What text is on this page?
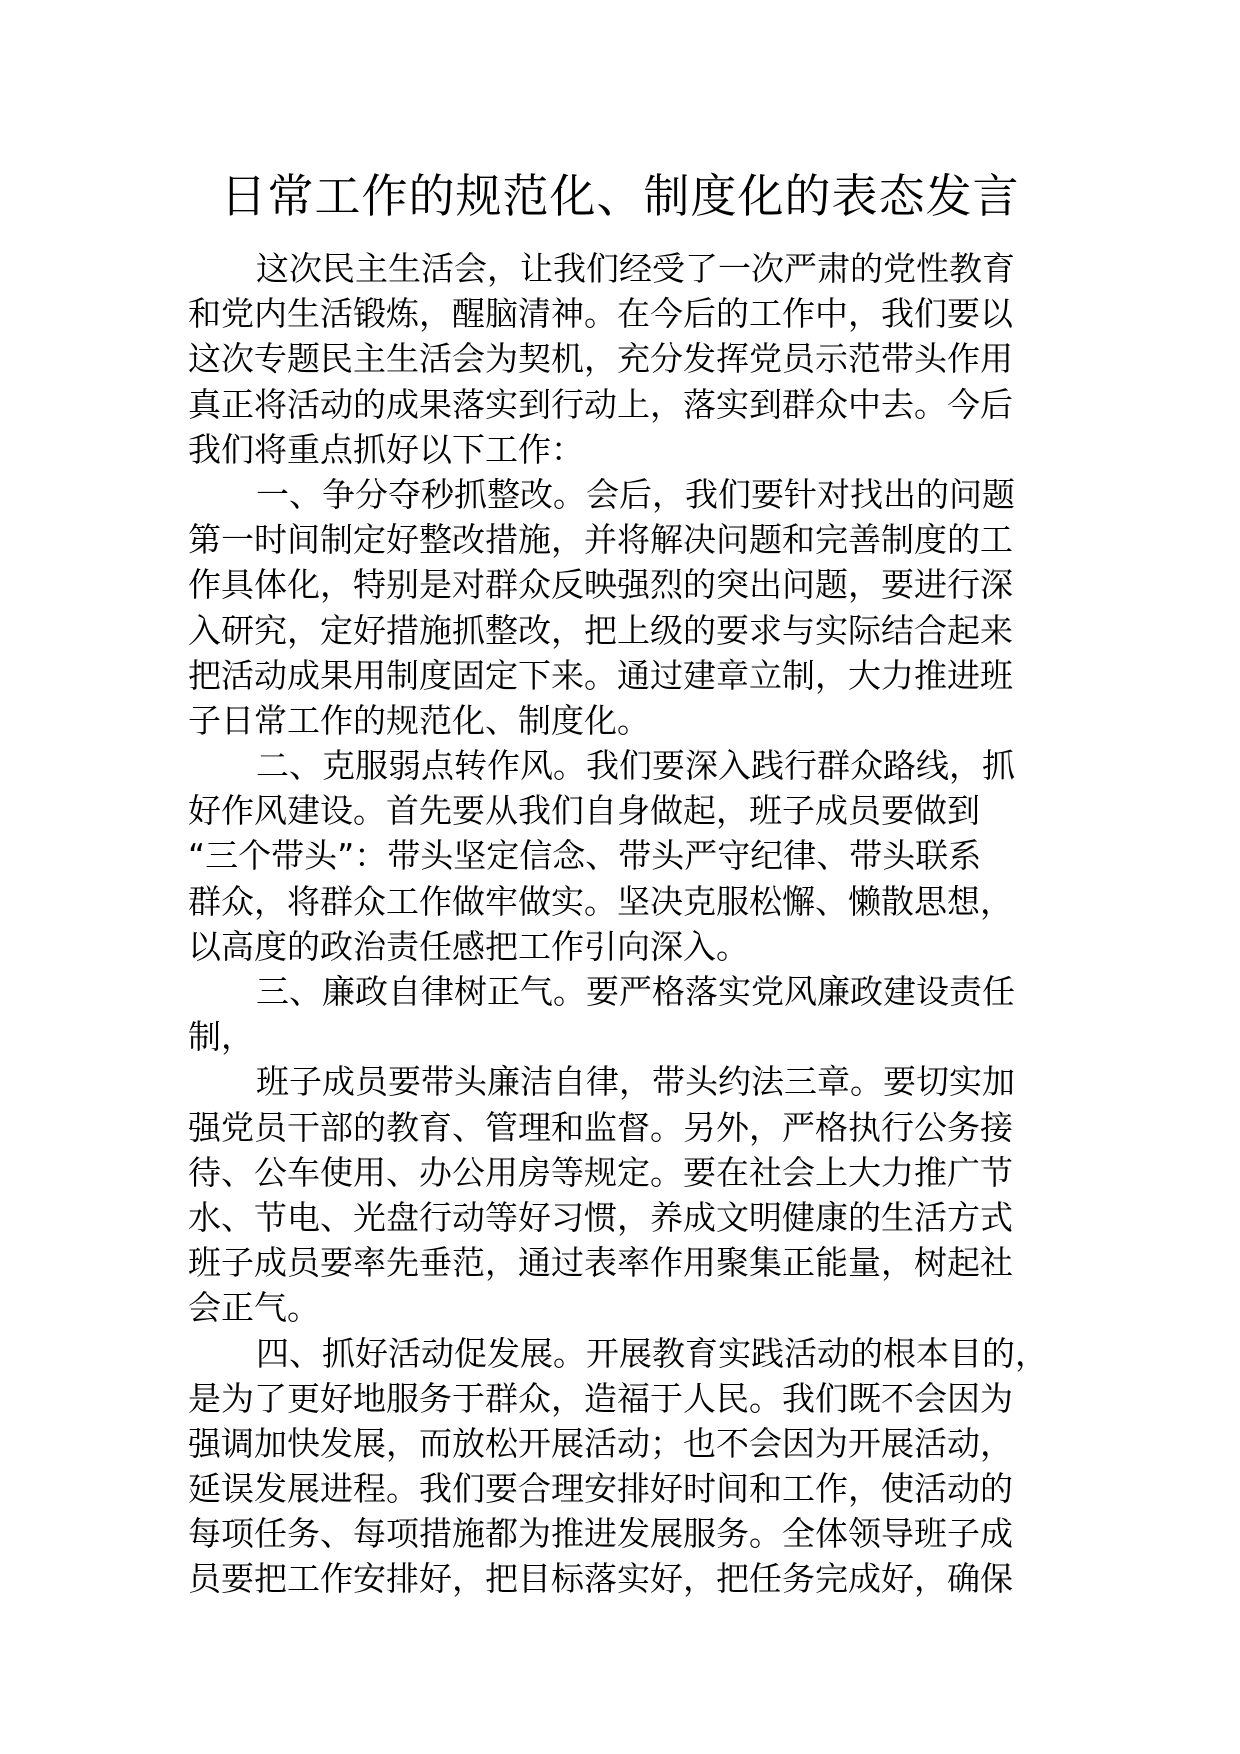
日常工作的规范化、制度化的表态发言

这次民主生活会，让我们经受了一次严肃的党性教育
和党内生活锻炼，醒脑清神。在今后的工作中，我们要以
这次专题民主生活会为契机，充分发挥党员示范带头作用
真正将活动的成果落实到行动上，落实到群众中去。今后
我们将重点抓好以下工作：

一、争分夺秒抓整改。会后，我们要针对找出的问题
第一时间制定好整改措施，并将解决问题和完善制度的工
作具体化，特别是对群众反映强烈的突出问题，要进行深
入研究，定好措施抓整改，把上级的要求与实际结合起来
把活动成果用制度固定下来。通过建章立制，大力推进班
子日常工作的规范化、制度化。

二、克服弱点转作风。我们要深入践行群众路线，抓
好作风建设。首先要从我们自身做起，班子成员要做到
“三个带头”：带头坚定信念、带头严守纪律、带头联系
群众，将群众工作做牢做实。坚决克服松懈、懒散思想，
以高度的政治责任感把工作引向深入。

三、廉政自律树正气。要严格落实党风廉政建设责任
制，

班子成员要带头廉洁自律，带头约法三章。要切实加
强党员干部的教育、管理和监督。另外，严格执行公务接
待、公车使用、办公用房等规定。要在社会上大力推广节
水、节电、光盘行动等好习惯，养成文明健康的生活方式
班子成员要率先垂范，通过表率作用聚集正能量，树起社
会正气。

四、抓好活动促发展。开展教育实践活动的根本目的，
是为了更好地服务于群众，造福于人民。我们既不会因为
强调加快发展，而放松开展活动；也不会因为开展活动，
延误发展进程。我们要合理安排好时间和工作，使活动的
每项任务、每项措施都为推进发展服务。全体领导班子成
员要把工作安排好，把目标落实好，把任务完成好，确保
